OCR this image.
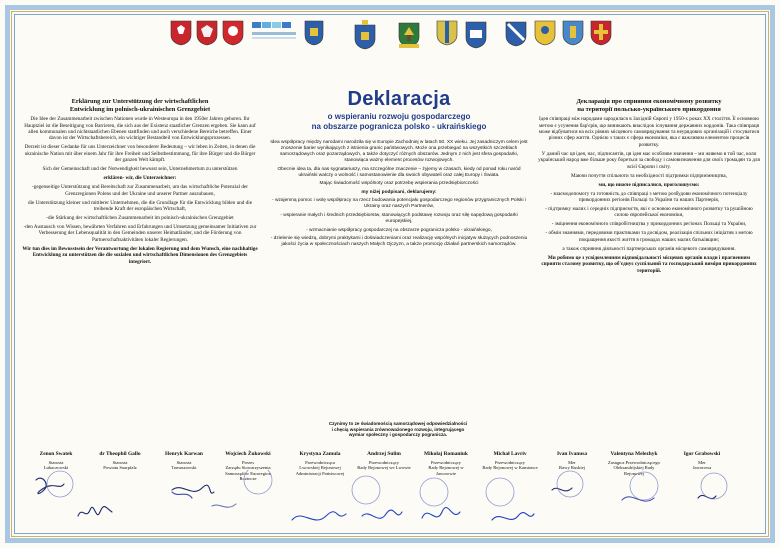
Erklärung zur Unterstützung der wirtschaftlichen
Entwicklung im polnisch-ukrainischen Grenzgebiet

Die Idee der Zusammenarbeit zwischen Nationen wurde in Westeuropa in den 1950er Jahren geboren. Ihr Hauptziel ist die Beseitigung von Barrieren, die sich aus der Existenz staatlicher Grenzen ergeben. Sie kann auf allen kommunalen und nichtstaatlichen Ebenen stattfinden und auch verschiedene Bereiche betreffen. Einer davon ist der Wirtschaftsbereich, ein wichtiger Bestandteil von Entwicklungsprozessen.

Derzeit ist dieser Gedanke für uns Unterzeichner von besonderer Bedeutung – wir leben in Zeiten, in denen die ukrainische Nation mit über einem Jahr für ihre Freiheit und Selbstbestimmung, für ihre Bürger und die Bürger der ganzen Welt kämpft.

Sich der Gemeinschaft und der Notwendigkeit bewusst sein, Unternehmertum zu unterstützen

erklären- wir, die Unterzeichner:

-gegenseitige Unterstützung und Bereitschaft zur Zusammenarbeit, um das wirtschaftliche Potenzial der Grenzregionen Polens und der Ukraine und unserer Partner auszubauen,

die Unterstützung kleiner und mittlerer Unternehmen, die die Grundlage für die Entwicklung bilden und die treibende Kraft der europäischen Wirtschaft,

-die Stärkung der wirtschaftlichen Zusammenarbeit im polnisch-ukrainischen Grenzgebiet

-den Austausch von Wissen, bewährten Verfahren und Erfahrungen und Umsetzung gemeinsamer Initiativen zur Verbesserung der Lebensqualität in den Gemeinden unserer Heimatländer, und die Förderung von Partnerschaftsaktivitäten lokaler Regierungen.

Wir tun dies im Bewusstsein der Verantwortung der lokalen Regierung und dem Wunsch, eine nachhaltige Entwicklung zu unterstützen die die sozialen und wirtschaftlichen Dimensionen des Grenzgebiets integriert.

Deklaracja
o wspieraniu rozwoju gospodarczego
na obszarze pogranicza polsko - ukraińskiego

Idea współpracy między narodami narodziła się w Europie Zachodniej w latach 50. XX wieku. Jej zasadniczym celem jest znoszenie barier wynikających z istnienia granic państwowych. Może ona przebiegać na wszystkich szczeblach samorządowych oraz pozarządowych, a także dotyczyć różnych obszarów. Jednym z nich jest sfera gospodarki, stanowiąca ważny element procesów rozwojowych.

Obecnie idea ta, dla nas sygnatariuszy, ma szczególne znaczenie – żyjemy w czasach, kiedy od ponad roku naród ukraiński walczy o wolność i samostanowienie dla swoich obywateli oraz całej Europy i Świata.

Mając świadomość wspólnoty oraz potrzebę wspierania przedsiębiorczości

my niżej podpisani, deklarujemy:

- wzajemną pomoc i wolę współpracy na rzecz budowania potencjału gospodarczego regionów przygranicznych Polski i Ukrainy oraz naszych Partnerów,

- wspieranie małych i średnich przedsiębiorstw, stanowiących podstawę rozwoju oraz siłę napędową gospodarki europejskiej,

- wzmacnianie współpracy gospodarczej na obszarze pogranicza polsko - ukraińskiego,

- dzielenie się wiedzą, dobrymi praktykami i doświadczeniami oraz realizację wspólnych inicjatyw służących podnoszeniu jakości życia w społecznościach naszych Małych Ojczyzn, a także promocję działań partnerskich samorządów.

Czynimy to ze świadomością samorządowej odpowiedzialności i chęcią wspierania zrównoważonego rozwoju, integrującego wymiar społeczny i gospodarczy pogranicza.
Декларація про сприяння економічному розвитку
на території польсько-українського прикордоння

Ідея співпраці між народами зародилася в Західній Європі у 1950-х роках XX століття. Її основною метою є усунення бар'єрів, що виникають внаслідок існування державних кордонів. Така співпраця може відбуватися на всіх рівнях місцевого самоврядування та неурядових організацій і стосуватися різних сфер життя. Однією з таких є сфера економіки, яка є важливим елементом процесів розвитку.

У даний час ця ідея, нас, підписантів, ця ідея має особливе значення – ми живемо в той час, коли український народ вже більше року бореться за свободу і самовизначення для своїх громадян та для всієї Європи і світу.

Маючи почуття спільноти та необхідності підтримки підприємництва,

ми, що нижче підписалися, проголошуємо:

- взаємодопомогу та готовність до співпраці з метою розбудови економічного потенціалу прикордонних регіонів Польщі та України та наших Партнерів,

- підтримку малих і середніх підприємств, які є основою економічного розвитку та рушійною силою європейської економіки,

- зміцнення економічного співробітництва у прикордонних регіонах Польщі та України,

- обмін знаннями, передовими практиками та досвідом, реалізація спільних ініціатив з метою покращення якості життя в громадах наших малих батьківщин;

а також сприяння діяльності партнерських органів місцевого самоврядування.

Ми робимо це з усвідомленням відповідальності місцевих органів влади і прагненням сприяти сталому розвитку, що об'єднує суспільний та господарський виміри прикордонних територій.

Zenon Swatek
Starosta
Lubaczowski
dr Theophil Gallo
Starosta
Powiatu Saarpfalz
Henryk Karwan
Starosta
Tomaszowski
Wojciech Żukowski
Prezes
Zarządu Stowarzyszenia Samorządów Euroregion Roztocze
Krystyna Zamula
Przewodnicząca
Lwowskiej Rejonowej Administracji Państwowej
Andrzej Sulim
Przewodniczący
Rady Rejonowej we Lwowie
Mikołaj Romaniuk
Przewodniczący
Rady Rejonowej w Jaworowie
Michał Lavriv
Przewodniczący
Rady Rejonowej w Kamionce
Ivan Ivanusa
Mer
Rawy Ruskiej
Valentyna Melezhyk
Zastępca Przewodniczącego
Oleksandrijskiej Rady Rejonowej
Igor Grabowski
Mer
Jaworowa
